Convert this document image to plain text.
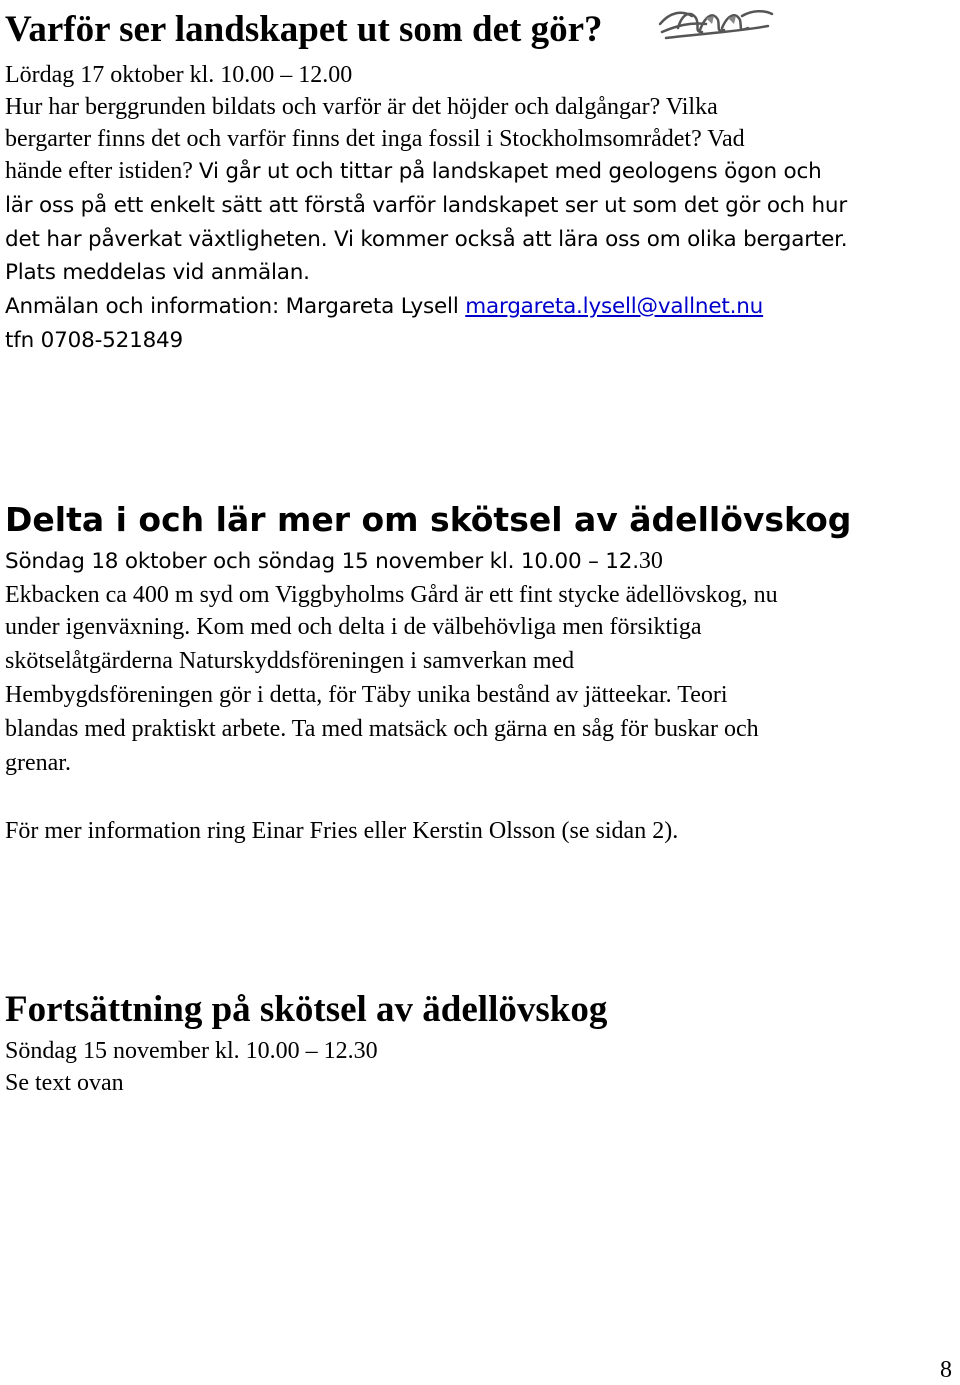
Varför ser landskapet ut som det gör?
Lördag 17 oktober kl. 10.00 – 12.00
Hur har berggrunden bildats och varför är det höjder och dalgångar? Vilka
bergarter finns det och varför finns det inga fossil i Stockholmsområdet? Vad
hände efter istiden? Vi går ut och tittar på landskapet med geologens ögon och
lär oss på ett enkelt sätt att förstå varför landskapet ser ut som det gör och hur
det har påverkat växtligheten. Vi kommer också att lära oss om olika bergarter.
Plats meddelas vid anmälan.
Anmälan och information: Margareta Lysell margareta.lysell@vallnet.nu
tfn 0708-521849
Delta i och lär mer om skötsel av ädellövskog
Söndag 18 oktober och söndag 15 november kl. 10.00 – 12.30
Ekbacken ca 400 m syd om Viggbyholms Gård är ett fint stycke ädellövskog, nu
under igenväxning. Kom med och delta i de välbehövliga men försiktiga
skötselåtgärderna Naturskyddsföreningen i samverkan med
Hembygdsföreningen gör i detta, för Täby unika bestånd av jätteekar. Teori
blandas med praktiskt arbete. Ta med matsäck och gärna en såg för buskar och
grenar.
För mer information ring Einar Fries eller Kerstin Olsson (se sidan 2).
Fortsättning på skötsel av ädellövskog
Söndag 15 november kl. 10.00 – 12.30
Se text ovan
8
